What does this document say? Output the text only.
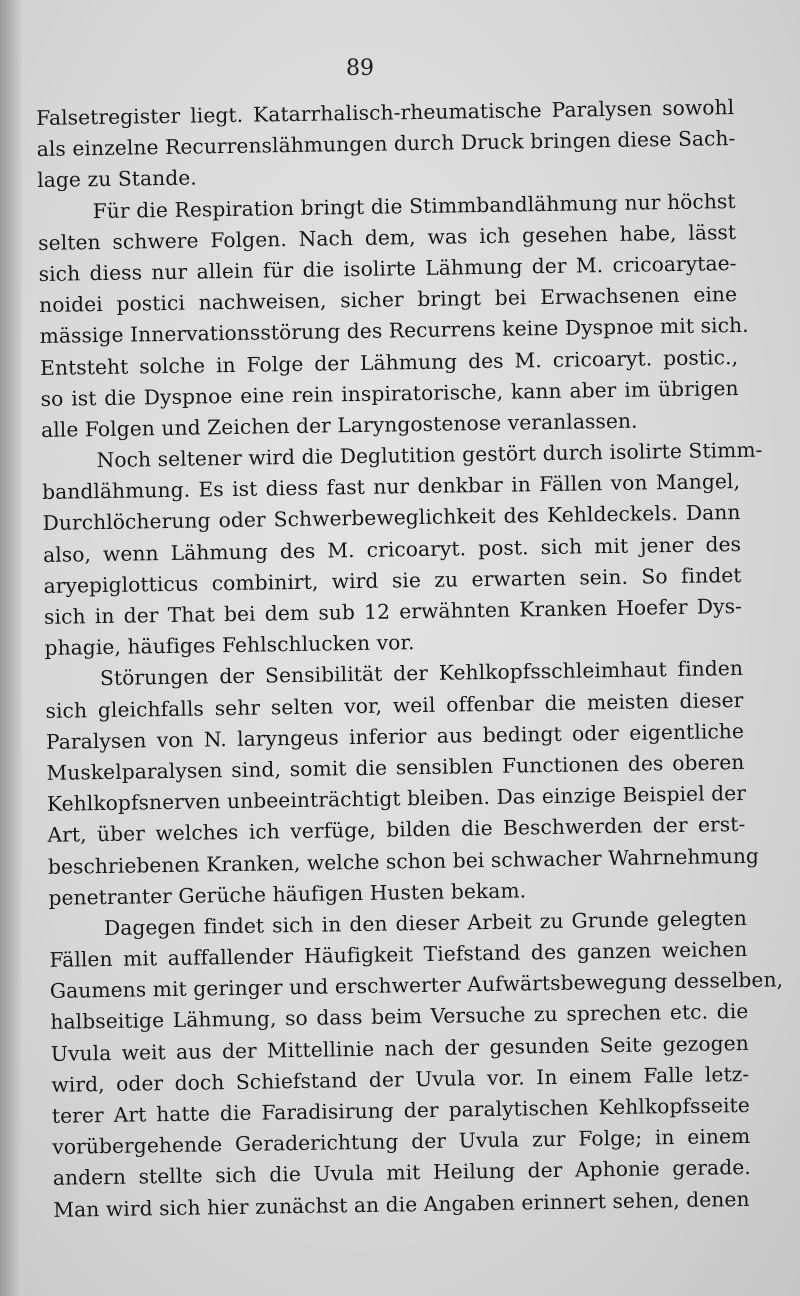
89
Falsetregister liegt. Katarrhalisch-rheumatische Paralysen sowohl
als einzelne Recurrenslähmungen durch Druck bringen diese Sach-
lage zu Stande.
Für die Respiration bringt die Stimmbandlähmung nur höchst
selten schwere Folgen. Nach dem, was ich gesehen habe, lässt
sich diess nur allein für die isolirte Lähmung der M. cricoarytae-
noidei postici nachweisen, sicher bringt bei Erwachsenen eine
mässige Innervationsstörung des Recurrens keine Dyspnoe mit sich.
Entsteht solche in Folge der Lähmung des M. cricoaryt. postic.,
so ist die Dyspnoe eine rein inspiratorische, kann aber im übrigen
alle Folgen und Zeichen der Laryngostenose veranlassen.
Noch seltener wird die Deglutition gestört durch isolirte Stimm-
bandlähmung. Es ist diess fast nur denkbar in Fällen von Mangel,
Durchlöcherung oder Schwerbeweglichkeit des Kehldeckels. Dann
also, wenn Lähmung des M. cricoaryt. post. sich mit jener des
aryepiglotticus combinirt, wird sie zu erwarten sein. So findet
sich in der That bei dem sub 12 erwähnten Kranken Hoefer Dys-
phagie, häufiges Fehlschlucken vor.
Störungen der Sensibilität der Kehlkopfsschleimhaut finden
sich gleichfalls sehr selten vor, weil offenbar die meisten dieser
Paralysen von N. laryngeus inferior aus bedingt oder eigentliche
Muskelparalysen sind, somit die sensiblen Functionen des oberen
Kehlkopfsnerven unbeeinträchtigt bleiben. Das einzige Beispiel der
Art, über welches ich verfüge, bilden die Beschwerden der erst-
beschriebenen Kranken, welche schon bei schwacher Wahrnehmung
penetranter Gerüche häufigen Husten bekam.
Dagegen findet sich in den dieser Arbeit zu Grunde gelegten
Fällen mit auffallender Häufigkeit Tiefstand des ganzen weichen
Gaumens mit geringer und erschwerter Aufwärtsbewegung desselben,
halbseitige Lähmung, so dass beim Versuche zu sprechen etc. die
Uvula weit aus der Mittellinie nach der gesunden Seite gezogen
wird, oder doch Schiefstand der Uvula vor. In einem Falle letz-
terer Art hatte die Faradisirung der paralytischen Kehlkopfsseite
vorübergehende Geraderichtung der Uvula zur Folge; in einem
andern stellte sich die Uvula mit Heilung der Aphonie gerade.
Man wird sich hier zunächst an die Angaben erinnert sehen, denen
